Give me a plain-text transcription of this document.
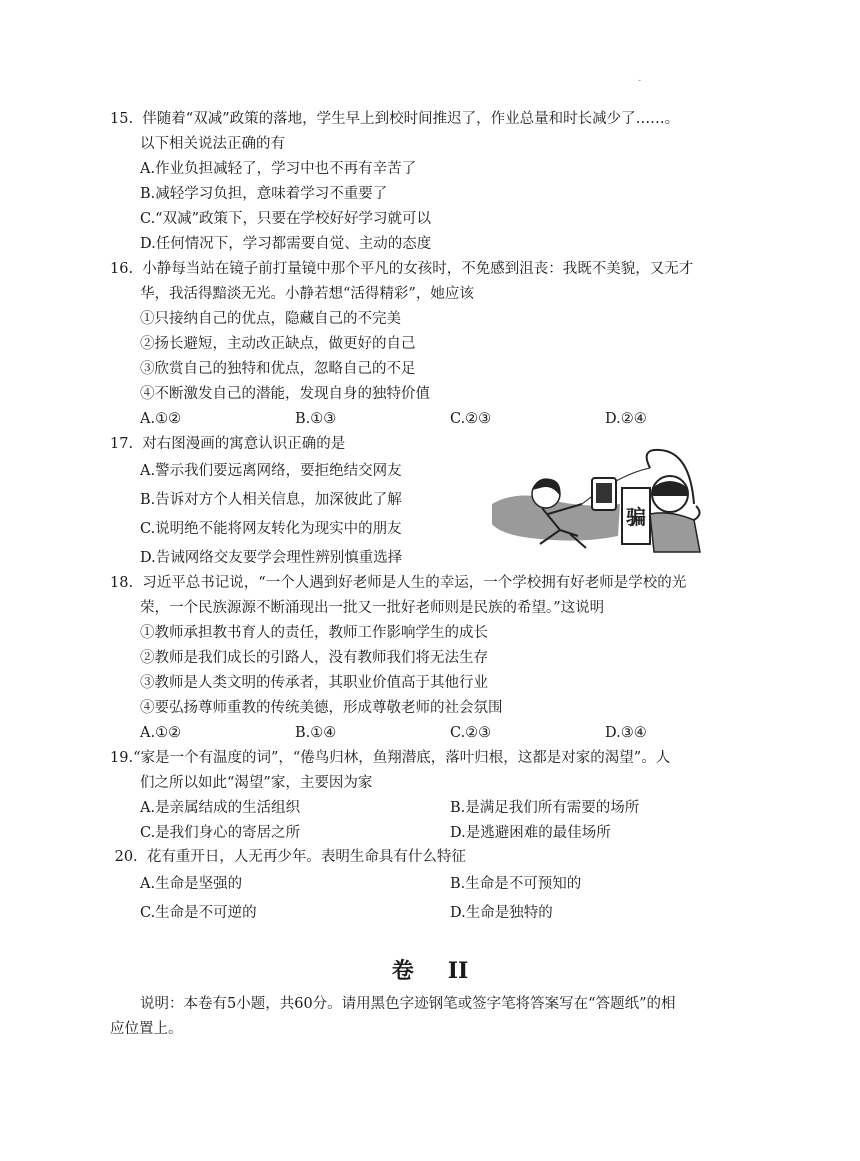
-
15. 伴随着“双减”政策的落地，学生早上到校时间推迟了，作业总量和时长减少了……。
以下相关说法正确的有
A.作业负担减轻了，学习中也不再有辛苦了
B.减轻学习负担，意味着学习不重要了
C.“双减”政策下，只要在学校好好学习就可以
D.任何情况下，学习都需要自觉、主动的态度
16. 小静每当站在镜子前打量镜中那个平凡的女孩时，不免感到沮丧：我既不美貌，又无才
华，我活得黯淡无光。小静若想“活得精彩”，她应该
①只接纳自己的优点，隐藏自己的不完美
②扬长避短，主动改正缺点，做更好的自己
③欣赏自己的独特和优点，忽略自己的不足
④不断激发自己的潜能，发现自身的独特价值
A.①②	B.①③	C.②③	D.②④
17. 对右图漫画的寓意认识正确的是
A.警示我们要远离网络，要拒绝结交网友
B.告诉对方个人相关信息，加深彼此了解
C.说明绝不能将网友转化为现实中的朋友
D.告诫网络交友要学会理性辨别慎重选择
骗
18. 习近平总书记说，“一个人遇到好老师是人生的幸运，一个学校拥有好老师是学校的光
荣，一个民族源源不断涌现出一批又一批好老师则是民族的希望。”这说明
①教师承担教书育人的责任，教师工作影响学生的成长
②教师是我们成长的引路人，没有教师我们将无法生存
③教师是人类文明的传承者，其职业价值高于其他行业
④要弘扬尊师重教的传统美德，形成尊敬老师的社会氛围
A.①②	B.①④	C.②③	D.③④
19.“家是一个有温度的词”，“倦鸟归林，鱼翔潜底，落叶归根，这都是对家的渴望”。人
们之所以如此“渴望”家，主要因为家
A.是亲属结成的生活组织	B.是满足我们所有需要的场所
C.是我们身心的寄居之所	D.是逃避困难的最佳场所
20. 花有重开日，人无再少年。表明生命具有什么特征
A.生命是坚强的	B.生命是不可预知的
C.生命是不可逆的	D.生命是独特的
卷 II
说明：本卷有5小题，共60分。请用黑色字迹钢笔或签字笔将答案写在“答题纸”的相
应位置上。
